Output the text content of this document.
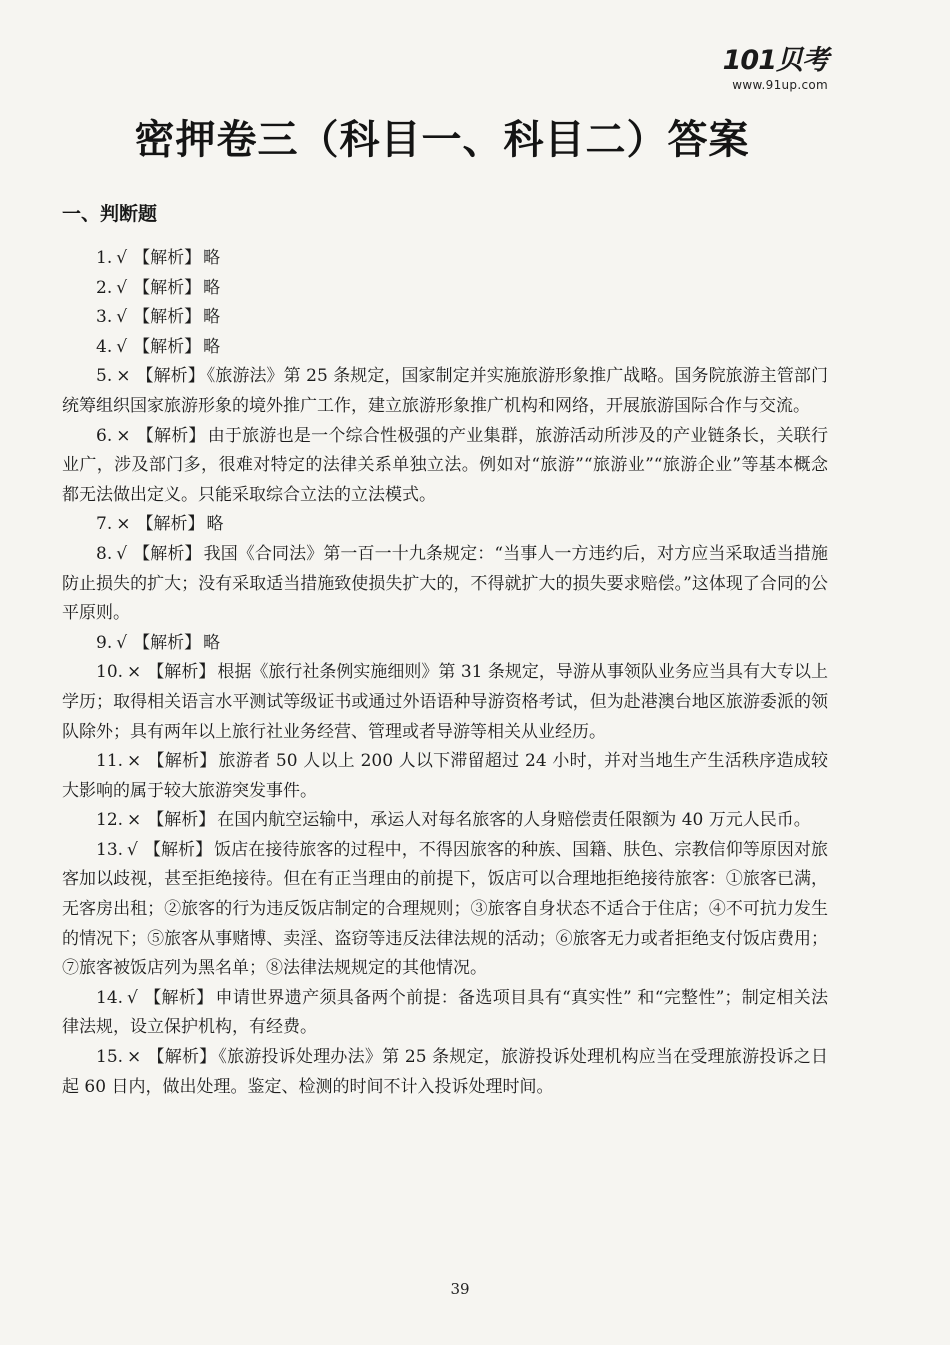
101贝考
www.91up.com
密押卷三（科目一、科目二）答案
一、判断题

1. √ 【解析】 略

2. √ 【解析】 略

3. √ 【解析】 略

4. √ 【解析】 略

5. × 【解析】 《旅游法》第 25 条规定，国家制定并实施旅游形象推广战略。国务院旅游主管部门统筹组织国家旅游形象的境外推广工作，建立旅游形象推广机构和网络，开展旅游国际合作与交流。

6. × 【解析】 由于旅游也是一个综合性极强的产业集群，旅游活动所涉及的产业链条长，关联行业广，涉及部门多，很难对特定的法律关系单独立法。例如对“旅游”“旅游业”“旅游企业”等基本概念都无法做出定义。只能采取综合立法的立法模式。

7. × 【解析】 略

8. √ 【解析】 我国《合同法》第一百一十九条规定：“当事人一方违约后，对方应当采取适当措施防止损失的扩大；没有采取适当措施致使损失扩大的，不得就扩大的损失要求赔偿。”这体现了合同的公平原则。

9. √ 【解析】 略

10. × 【解析】 根据《旅行社条例实施细则》第 31 条规定，导游从事领队业务应当具有大专以上学历；取得相关语言水平测试等级证书或通过外语语种导游资格考试，但为赴港澳台地区旅游委派的领队除外；具有两年以上旅行社业务经营、管理或者导游等相关从业经历。

11. × 【解析】 旅游者 50 人以上 200 人以下滞留超过 24 小时，并对当地生产生活秩序造成较大影响的属于较大旅游突发事件。

12. × 【解析】 在国内航空运输中，承运人对每名旅客的人身赔偿责任限额为 40 万元人民币。

13. √ 【解析】 饭店在接待旅客的过程中，不得因旅客的种族、国籍、肤色、宗教信仰等原因对旅客加以歧视，甚至拒绝接待。但在有正当理由的前提下，饭店可以合理地拒绝接待旅客：①旅客已满，无客房出租；②旅客的行为违反饭店制定的合理规则；③旅客自身状态不适合于住店；④不可抗力发生的情况下；⑤旅客从事赌博、卖淫、盗窃等违反法律法规的活动；⑥旅客无力或者拒绝支付饭店费用；⑦旅客被饭店列为黑名单；⑧法律法规规定的其他情况。

14. √ 【解析】 申请世界遗产须具备两个前提：备选项目具有“真实性” 和“完整性”；制定相关法律法规，设立保护机构，有经费。

15. × 【解析】 《旅游投诉处理办法》第 25 条规定，旅游投诉处理机构应当在受理旅游投诉之日起 60 日内，做出处理。鉴定、检测的时间不计入投诉处理时间。

39
